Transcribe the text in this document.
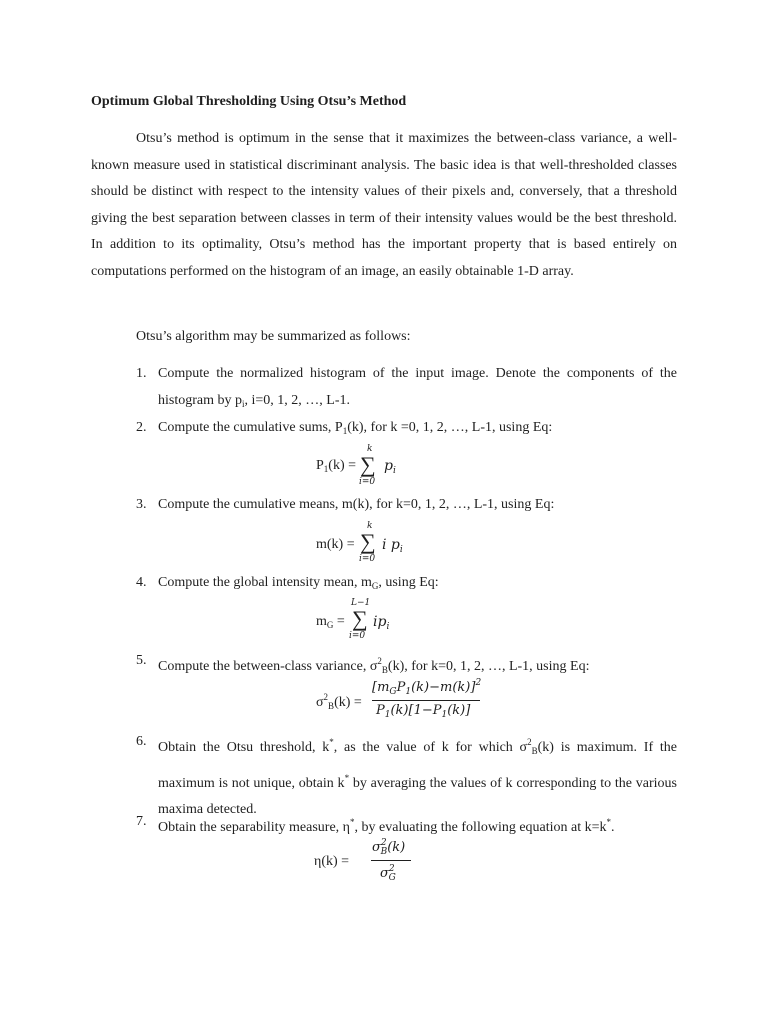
Optimum Global Thresholding Using Otsu’s Method
Otsu’s method is optimum in the sense that it maximizes the between-class variance, a well-known measure used in statistical discriminant analysis. The basic idea is that well-thresholded classes should be distinct with respect to the intensity values of their pixels and, conversely, that a threshold giving the best separation between classes in term of their intensity values would be the best threshold. In addition to its optimality, Otsu’s method has the important property that is based entirely on computations performed on the histogram of an image, an easily obtainable 1-D array.
Otsu’s algorithm may be summarized as follows:
1. Compute the normalized histogram of the input image. Denote the components of the histogram by $p_i$, i=0, 1, 2, …, L-1.
2. Compute the cumulative sums, $P_1(k)$, for k =0, 1, 2, …, L-1, using Eq:
$P_1(k)$ =
k
∑
i=0
$p_i$
3. Compute the cumulative means, m(k), for k=0, 1, 2, …, L-1, using Eq:
m(k) =
k
∑
i=0
i $p_i$
4. Compute the global intensity mean, $m_G$, using Eq:
$m_G$ =
L−1
∑
i=0
$ip_i$
5. Compute the between-class variance, $\sigma^2_B(k)$, for k=0, 1, 2, …, L-1, using Eq:
$\sigma^2_B(k)$ =
$[m_GP_1(k)-m(k)]^2$
$P_1(k)[1-P_1(k)]$
6. Obtain the Otsu threshold, k*, as the value of k for which $\sigma^2_B(k)$ is maximum. If the maximum is not unique, obtain k* by averaging the values of k corresponding to the various maxima detected.
7. Obtain the separability measure, η*, by evaluating the following equation at k=k*.
η(k) =
$\sigma^2_B(k)$
$\sigma^2_G$
